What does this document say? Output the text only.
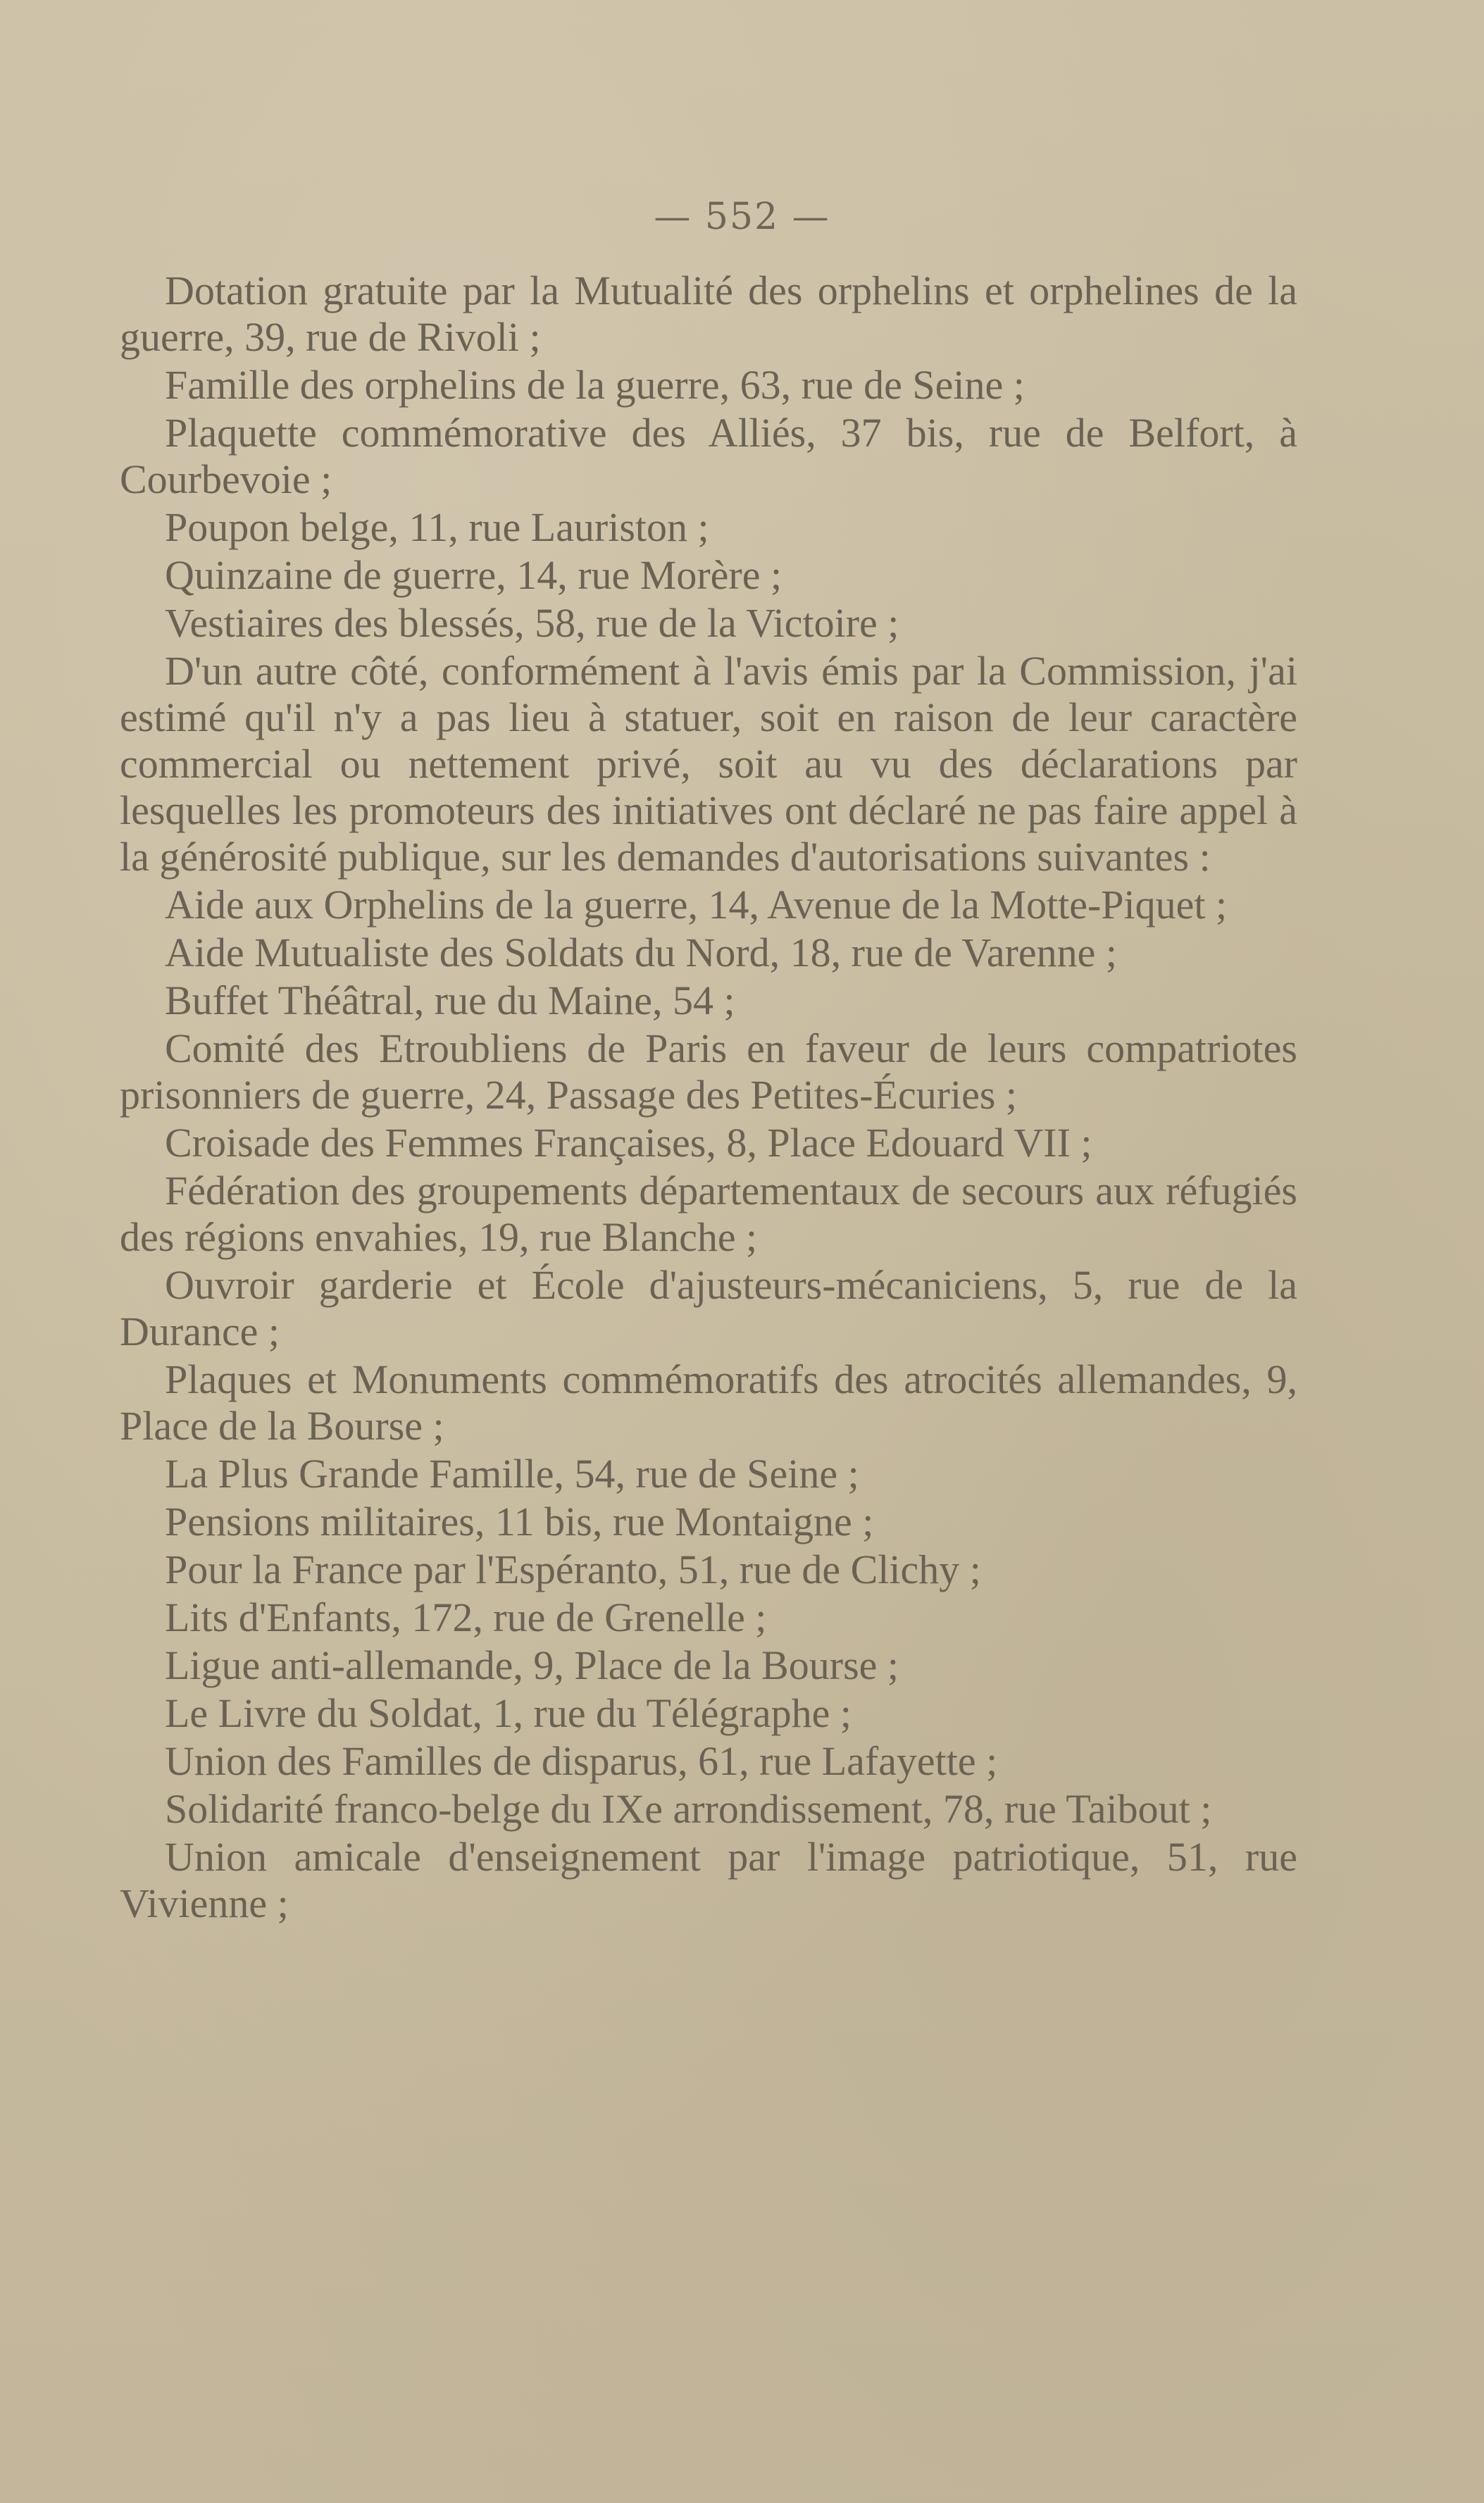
— 552 —

Dotation gratuite par la Mutualité des orphelins et orphelines de la guerre, 39, rue de Rivoli ;

Famille des orphelins de la guerre, 63, rue de Seine ;

Plaquette commémorative des Alliés, 37 bis, rue de Belfort, à Courbevoie ;

Poupon belge, 11, rue Lauriston ;

Quinzaine de guerre, 14, rue Morère ;

Vestiaires des blessés, 58, rue de la Victoire ;

D'un autre côté, conformément à l'avis émis par la Commission, j'ai estimé qu'il n'y a pas lieu à statuer, soit en raison de leur caractère commercial ou nettement privé, soit au vu des déclarations par lesquelles les promoteurs des initiatives ont déclaré ne pas faire appel à la générosité publique, sur les demandes d'autorisations suivantes :

Aide aux Orphelins de la guerre, 14, Avenue de la Motte-Piquet ;

Aide Mutualiste des Soldats du Nord, 18, rue de Varenne ;

Buffet Théâtral, rue du Maine, 54 ;

Comité des Etroubliens de Paris en faveur de leurs compatriotes prisonniers de guerre, 24, Passage des Petites-Écuries ;

Croisade des Femmes Françaises, 8, Place Edouard VII ;

Fédération des groupements départementaux de secours aux réfugiés des régions envahies, 19, rue Blanche ;

Ouvroir garderie et École d'ajusteurs-mécaniciens, 5, rue de la Durance ;

Plaques et Monuments commémoratifs des atrocités allemandes, 9, Place de la Bourse ;

La Plus Grande Famille, 54, rue de Seine ;

Pensions militaires, 11 bis, rue Montaigne ;

Pour la France par l'Espéranto, 51, rue de Clichy ;

Lits d'Enfants, 172, rue de Grenelle ;

Ligue anti-allemande, 9, Place de la Bourse ;

Le Livre du Soldat, 1, rue du Télégraphe ;

Union des Familles de disparus, 61, rue Lafayette ;

Solidarité franco-belge du IXe arrondissement, 78, rue Taibout ;

Union amicale d'enseignement par l'image patriotique, 51, rue Vivienne ;
